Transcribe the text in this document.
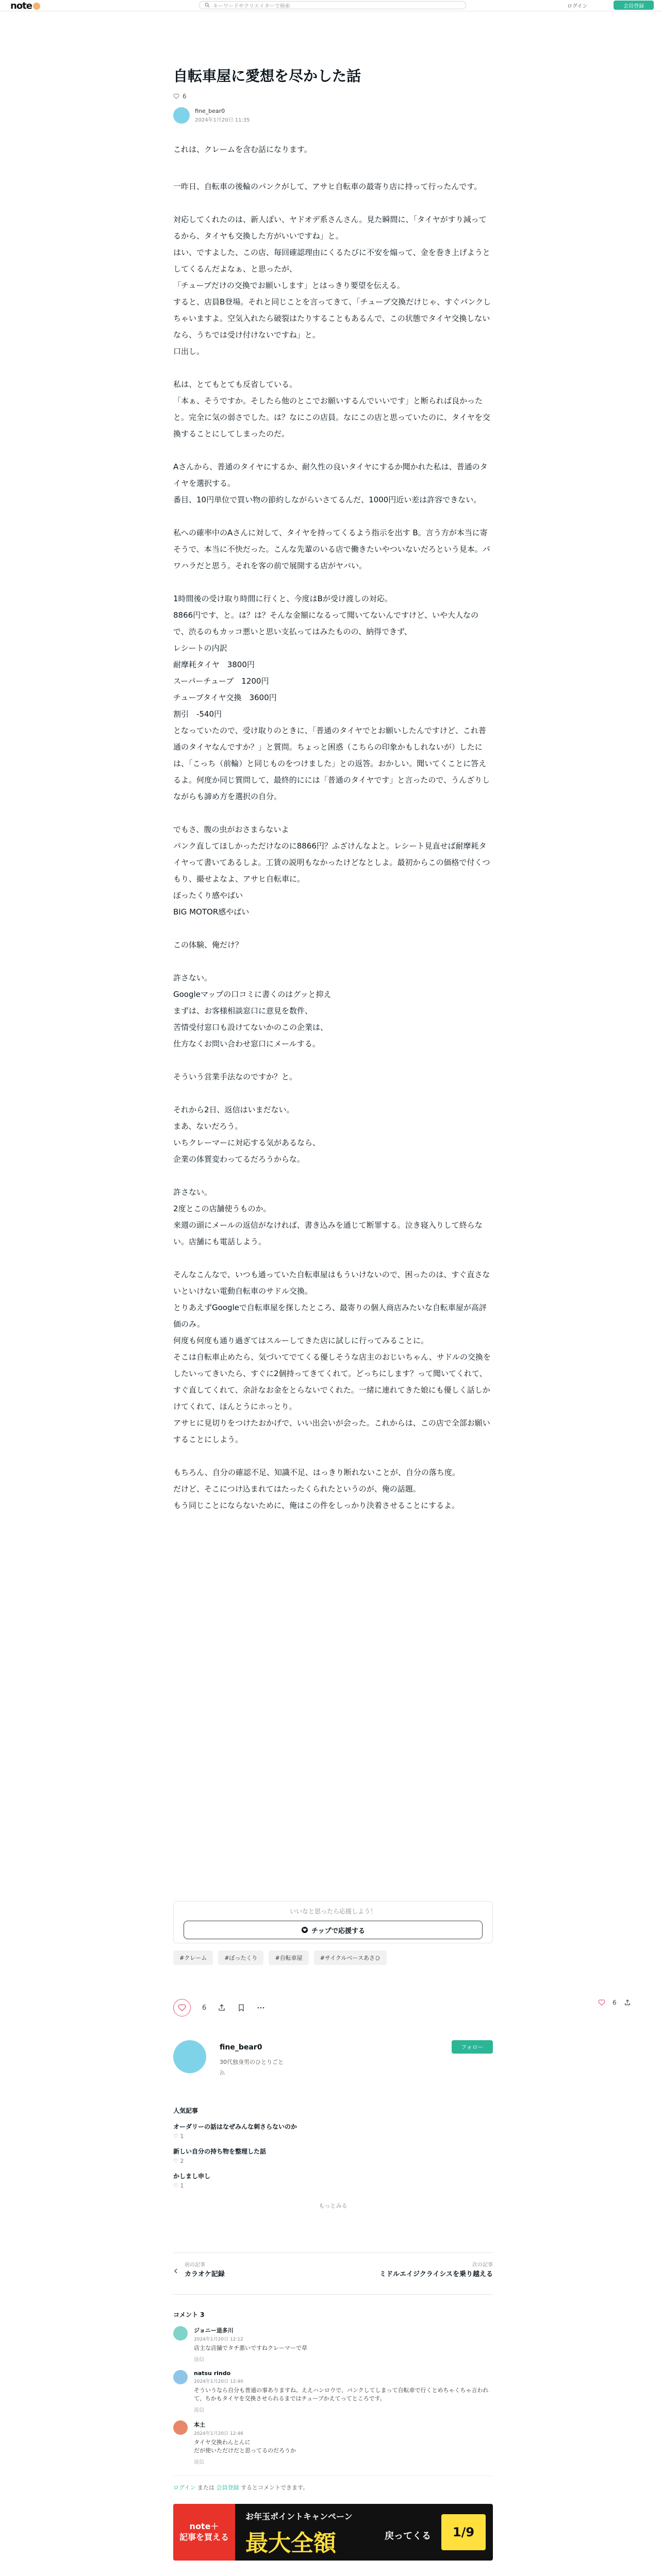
note	キーワードやクリエイターで検索	ログイン	会員登録
自転車屋に愛想を尽かした話
6
fine_bear0
2024年1月20日 11:35

これは、クレームを含む話になります。

一昨日、自転車の後輪のパンクがして、アサヒ自転車の最寄り店に持って行ったんです。

対応してくれたのは、新人ぽい、ヤドオデ系さんさん。見た瞬間に、「タイヤがすり減ってるから、タイヤも交換した方がいいですね」と。
はい、ですよした、この店、毎回確認理由にくるたびに不安を煽って、金を巻き上げようとしてくるんだよなぁ、と思ったが、
「チューブだけの交換でお願いします」とはっきり要望を伝える。
すると、店員B登場。それと同じことを言ってきて、「チューブ交換だけじゃ、すぐパンクしちゃいますよ。空気入れたら破裂はたりすることもあるんで、この状態でタイヤ交換しないなら、うちでは受け付けないですね」と。
口出し。

私は、とてもとても反省している。
「本ぁ、そうですか。そしたら他のとこでお願いするんでいいです」と断られば良かったと。完全に気の弱さでした。は？なにこの店員。なにこの店と思っていたのに、タイヤを交換することにしてしまったのだ。

Aさんから、普通のタイヤにするか、耐久性の良いタイヤにするか聞かれた私は、普通のタイヤを選択する。
番目、10円単位で買い物の節約しながらいさてるんだ、1000円近い差は許容できない。

私への確率中のAさんに対して、タイヤを持ってくるよう指示を出す B。言う方が本当に寄そうで、本当に不快だった。こんな先輩のいる店で働きたいやついないだろという見本。パワハラだと思う。それを客の前で展開する店がヤバい。

1時間後の受け取り時間に行くと、今度はBが受け渡しの対応。
8866円です、と。は？は？そんな金額になるって聞いてないんですけど、いや大人なので、渋るのもカッコ悪いと思い支払ってはみたものの、納得できず、
レシートの内訳
耐摩耗タイヤ　3800円
スーパーチューブ　1200円
チューブタイヤ交換　3600円
割引　-540円
となっていたので、受け取りのときに、「普通のタイヤでとお願いしたんですけど、これ普通のタイヤなんですか？」と質問。ちょっと困惑（こちらの印象かもしれないが）したには、「こっち（前輪）と同じものをつけました」との返答。おかしい。聞いてくことに答えるよ。何度か同じ質問して、最終的にには「普通のタイヤです」と言ったので、うんざりしながらも諦め方を選択の自分。

でもさ、腹の虫がおさまらないよ
パンク直してほしかっただけなのに8866円？ふざけんなよと。レシート見直せば耐摩耗タイヤって書いてあるしよ。工賃の説明もなかったけどなとしよ。最初からこの価格で付くつもり、撮せよなよ、アサヒ自転車に。
ぼったくり感やばい
BIG MOTOR感やばい

この体験、俺だけ？

許さない。
Googleマップの口コミに書くのはグッと抑え
まずは、お客様相談窓口に意見を数件、
苦情受付窓口も設けてないかのこの企業は、
仕方なくお問い合わせ窓口にメールする。

そういう営業手法なのですか？と。

それから2日、返信はいまだない。
まあ、ないだろう。
いちクレーマーに対応する気があるなら、
企業の体質変わってるだろうからな。

許さない。
2度とこの店舗使うものか。
来週の頭にメールの返信がなければ、書き込みを通じて断罪する。泣き寝入りして終らない。店舗にも電話しよう。

そんなこんなで、いつも通っていた自転車屋はもういけないので、困ったのは、すぐ直さないといけない電動自転車のサドル交換。
とりあえずGoogleで自転車屋を探したところ、最寄りの個人商店みたいな自転車屋が高評価のみ。
何度も何度も通り過ぎてはスルーしてきた店に試しに行ってみることに。
そこは自転車止めたら、気づいてでてくる優しそうな店主のおじいちゃん、サドルの交換をしたいってきいたら、すぐに2個持ってきてくれて。どっちにします？って聞いてくれて、すぐ直してくれて、余計なお金をとらないでくれた。一緒に連れてきた娘にも優しく話しかけてくれて、ほんとうにホっとり。
アサヒに見切りをつけたおかげで、いい出会いが会った。これからは、この店で全部お願いすることにしよう。

もちろん、自分の確認不足、知識不足、はっきり断れないことが、自分の落ち度。
だけど、そこにつけ込まれてはたったくられたというのが、俺の話題。
もう同じことにならないために、俺はこの件をしっかり決着させることにするよ。

いいなと思ったら応援しよう！
チップで応援する
#クレーム	#ぼったくり	#自転車屋	#サイクルベースあさひ
6
6
fine_bear0
30代独身男のひとりごと
フォロー
人気記事
オーダリーの話はなぜみんな刺さらないのか
♡ 1
新しい自分の持ち物を整理した話
♡ 2
かしまし申し
♡ 1
もっとみる
前の記事
カラオケ記録
次の記事
ミドルエイジクライシスを乗り越える
コメント 3
ジョニー退多川
2024年1月20日 12:12
店主な店舗でタチ悪いですねクレーマーで草
返信
natsu rindo
2024年1月20日 12:40
そういうなら自分も普通の事ありますね。ええハンロウで、パンクしてしまって自転車で行くとめちゃくちゃ言われて、ちかもタイヤを交換させられるまではチューブかえてってところです。
返信
本土
2024年1月20日 12:46
タイヤ交換わんとんに
だが使いただけだと思ってるのだろうか
返信
ログイン または 会員登録 するとコメントできます。
note＋
記事を買える
お年玉ポイントキャンペーン
最大全額	戻ってくる	1/9
